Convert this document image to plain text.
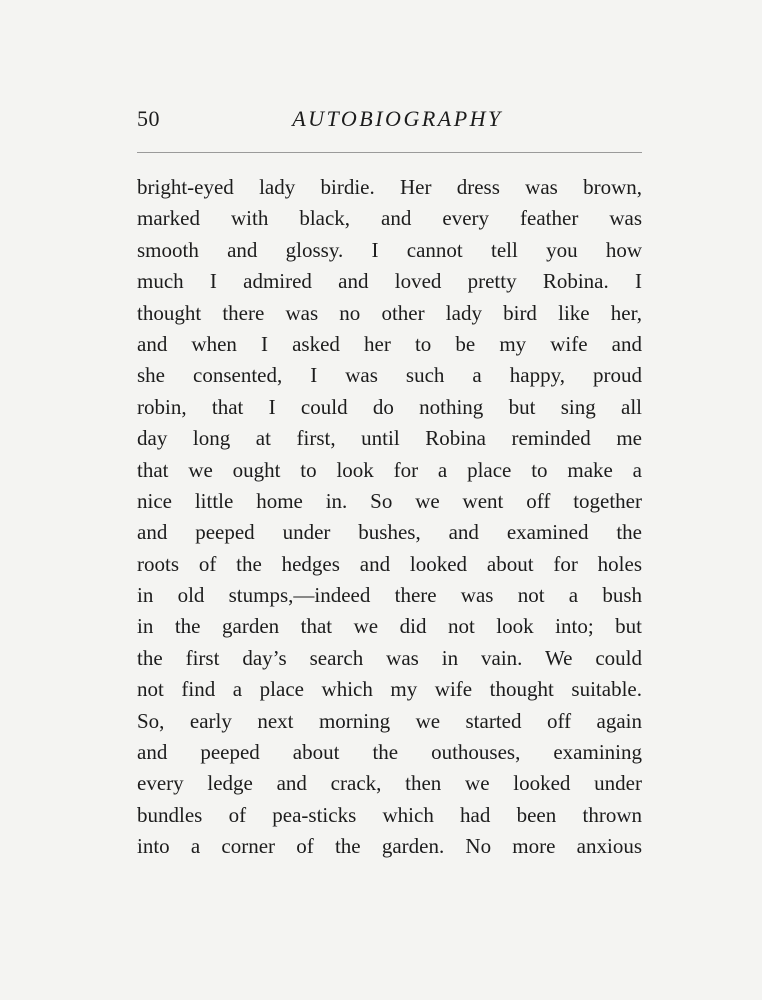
50	AUTOBIOGRAPHY
bright-eyed lady birdie. Her dress was brown,
marked with black, and every feather was
smooth and glossy. I cannot tell you how
much I admired and loved pretty Robina. I
thought there was no other lady bird like her,
and when I asked her to be my wife and
she consented, I was such a happy, proud
robin, that I could do nothing but sing all
day long at first, until Robina reminded me
that we ought to look for a place to make a
nice little home in. So we went off together
and peeped under bushes, and examined the
roots of the hedges and looked about for holes
in old stumps,—indeed there was not a bush
in the garden that we did not look into; but
the first day’s search was in vain. We could
not find a place which my wife thought suitable.
So, early next morning we started off again
and peeped about the outhouses, examining
every ledge and crack, then we looked under
bundles of pea-sticks which had been thrown
into a corner of the garden. No more anxious
